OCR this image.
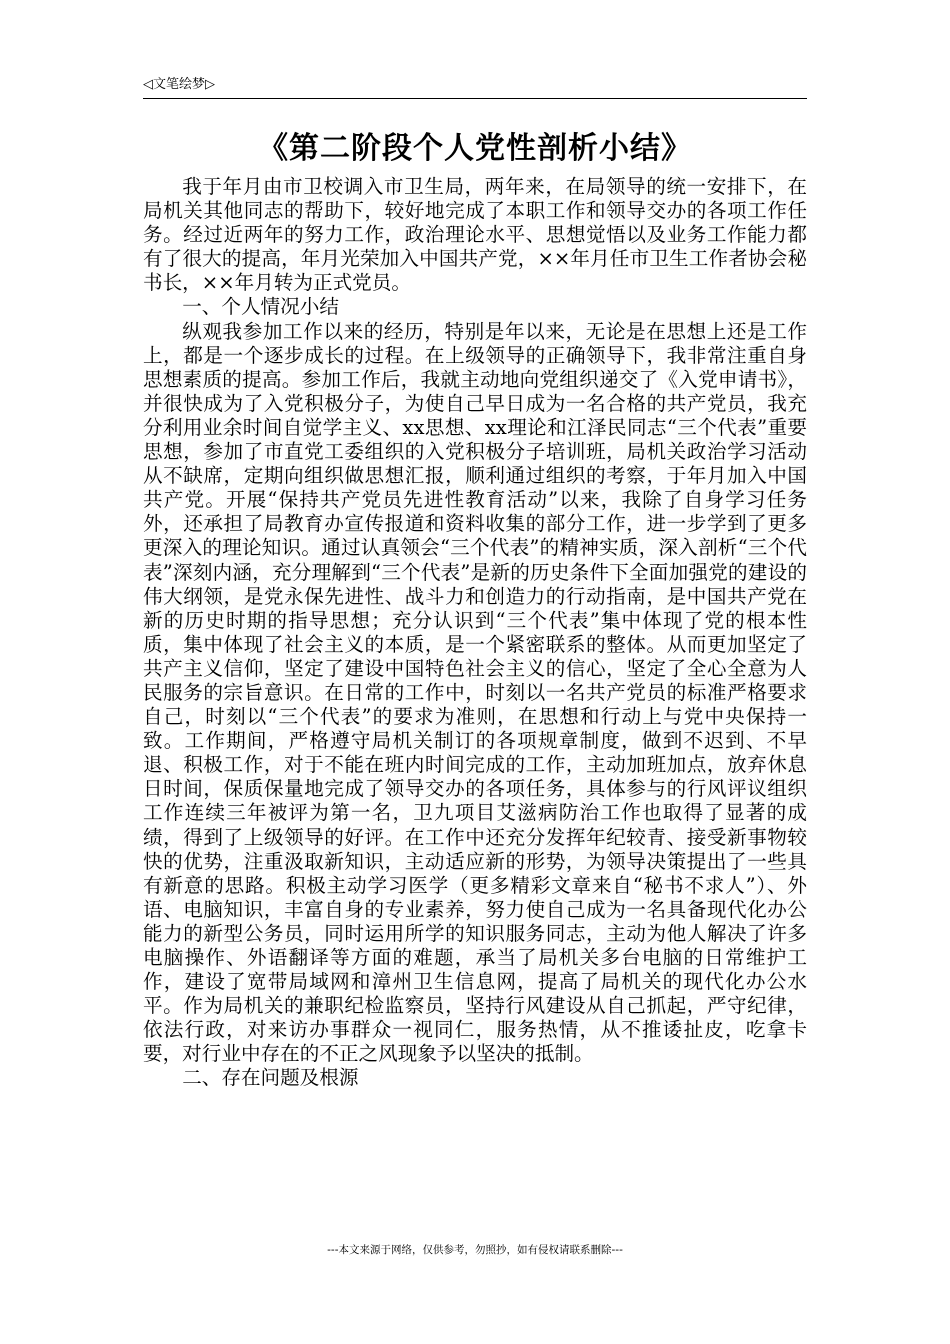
◁文笔绘梦▷
《第二阶段个人党性剖析小结》

我于年月由市卫校调入市卫生局，两年来，在局领导的统一安排下，在局机关其他同志的帮助下，较好地完成了本职工作和领导交办的各项工作任务。经过近两年的努力工作，政治理论水平、思想觉悟以及业务工作能力都有了很大的提高，年月光荣加入中国共产党，××年月任市卫生工作者协会秘书长，××年月转为正式党员。

一、个人情况小结

纵观我参加工作以来的经历，特别是年以来，无论是在思想上还是工作上，都是一个逐步成长的过程。在上级领导的正确领导下，我非常注重自身思想素质的提高。参加工作后，我就主动地向党组织递交了《入党申请书》，并很快成为了入党积极分子，为使自己早日成为一名合格的共产党员，我充分利用业余时间自觉学主义、xx思想、xx理论和江泽民同志“三个代表”重要思想，参加了市直党工委组织的入党积极分子培训班，局机关政治学习活动从不缺席，定期向组织做思想汇报，顺利通过组织的考察，于年月加入中国共产党。开展“保持共产党员先进性教育活动”以来，我除了自身学习任务外，还承担了局教育办宣传报道和资料收集的部分工作，进一步学到了更多更深入的理论知识。通过认真领会“三个代表”的精神实质，深入剖析“三个代表”深刻内涵，充分理解到“三个代表”是新的历史条件下全面加强党的建设的伟大纲领，是党永保先进性、战斗力和创造力的行动指南，是中国共产党在新的历史时期的指导思想；充分认识到“三个代表”集中体现了党的根本性质，集中体现了社会主义的本质，是一个紧密联系的整体。从而更加坚定了共产主义信仰，坚定了建设中国特色社会主义的信心，坚定了全心全意为人民服务的宗旨意识。在日常的工作中，时刻以一名共产党员的标准严格要求自己，时刻以“三个代表”的要求为准则，在思想和行动上与党中央保持一致。工作期间，严格遵守局机关制订的各项规章制度，做到不迟到、不早退、积极工作，对于不能在班内时间完成的工作，主动加班加点，放弃休息日时间，保质保量地完成了领导交办的各项任务，具体参与的行风评议组织工作连续三年被评为第一名，卫九项目艾滋病防治工作也取得了显著的成绩，得到了上级领导的好评。在工作中还充分发挥年纪较青、接受新事物较快的优势，注重汲取新知识，主动适应新的形势，为领导决策提出了一些具有新意的思路。积极主动学习医学（更多精彩文章来自“秘书不求人”）、外语、电脑知识，丰富自身的专业素养，努力使自己成为一名具备现代化办公能力的新型公务员，同时运用所学的知识服务同志，主动为他人解决了许多电脑操作、外语翻译等方面的难题，承当了局机关多台电脑的日常维护工作，建设了宽带局域网和漳州卫生信息网，提高了局机关的现代化办公水平。作为局机关的兼职纪检监察员，坚持行风建设从自己抓起，严守纪律，依法行政，对来访办事群众一视同仁，服务热情，从不推诿扯皮，吃拿卡要，对行业中存在的不正之风现象予以坚决的抵制。

二、存在问题及根源

---本文来源于网络，仅供参考，勿照抄，如有侵权请联系删除---
